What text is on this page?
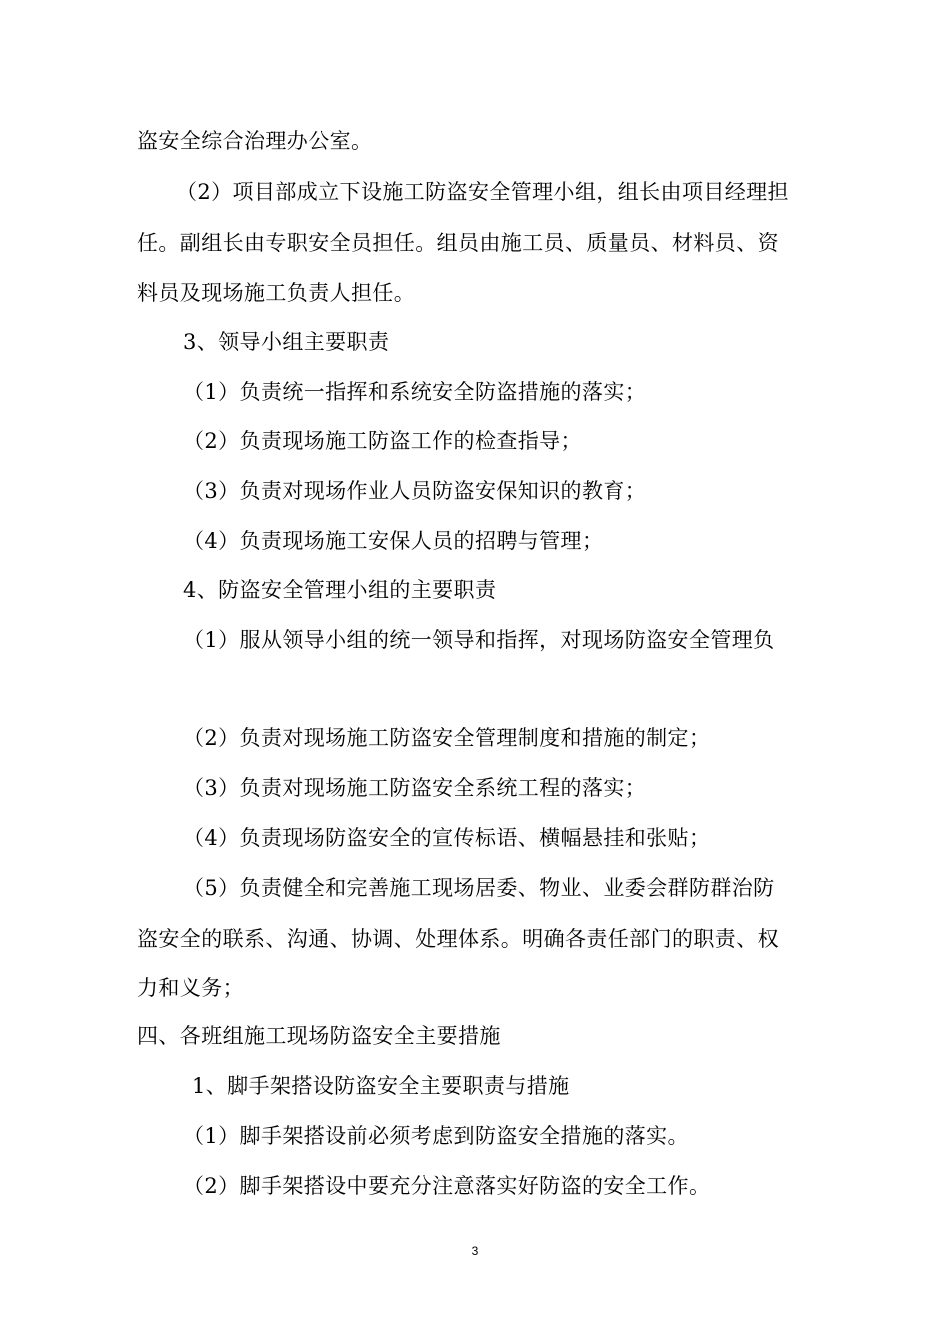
盗安全综合治理办公室。
（2）项目部成立下设施工防盗安全管理小组，组长由项目经理担
任。副组长由专职安全员担任。组员由施工员、质量员、材料员、资
料员及现场施工负责人担任。
3、领导小组主要职责
（1）负责统一指挥和系统安全防盗措施的落实；
（2）负责现场施工防盗工作的检查指导；
（3）负责对现场作业人员防盗安保知识的教育；
（4）负责现场施工安保人员的招聘与管理；
4、防盗安全管理小组的主要职责
（1）服从领导小组的统一领导和指挥，对现场防盗安全管理负
（2）负责对现场施工防盗安全管理制度和措施的制定；
（3）负责对现场施工防盗安全系统工程的落实；
（4）负责现场防盗安全的宣传标语、横幅悬挂和张贴；
（5）负责健全和完善施工现场居委、物业、业委会群防群治防
盗安全的联系、沟通、协调、处理体系。明确各责任部门的职责、权
力和义务；
四、各班组施工现场防盗安全主要措施
1、脚手架搭设防盗安全主要职责与措施
（1）脚手架搭设前必须考虑到防盗安全措施的落实。
（2）脚手架搭设中要充分注意落实好防盗的安全工作。
3
